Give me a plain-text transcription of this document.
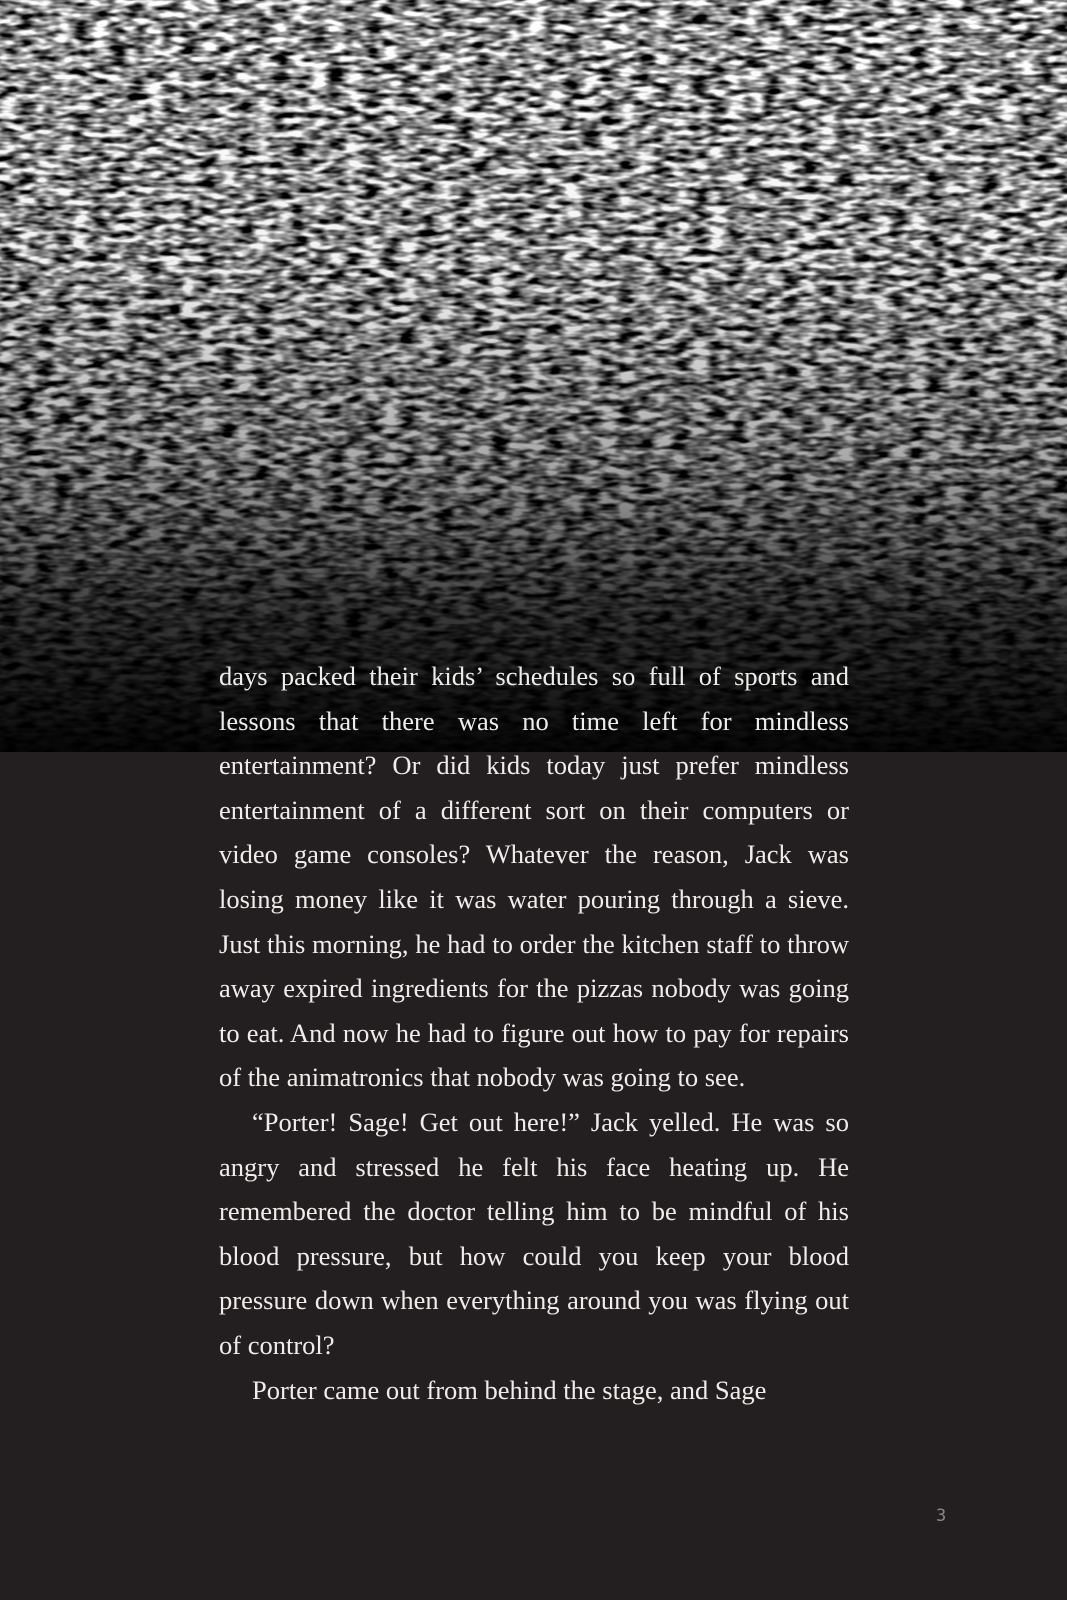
days packed their kids’ schedules so full of sports and lessons that there was no time left for mindless entertainment? Or did kids today just prefer mindless entertainment of a different sort on their computers or video game consoles? Whatever the reason, Jack was losing money like it was water pouring through a sieve. Just this morning, he had to order the kitchen staff to throw away expired ingredients for the pizzas nobody was going to eat. And now he had to figure out how to pay for repairs of the animatronics that nobody was going to see.

“Porter! Sage! Get out here!” Jack yelled. He was so angry and stressed he felt his face heating up. He remembered the doctor telling him to be mindful of his blood pressure, but how could you keep your blood pressure down when everything around you was flying out of control?

Porter came out from behind the stage, and Sage

3
